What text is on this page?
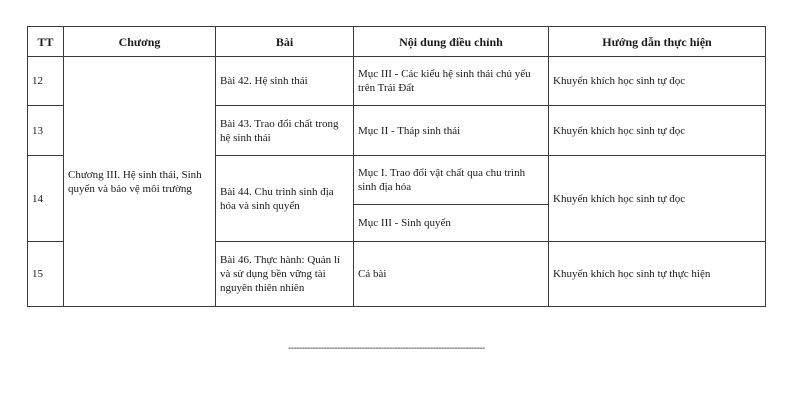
TT	Chương	Bài	Nội dung điều chỉnh	Hướng dẫn thực hiện
12	Chương III. Hệ sinh thái, Sinh quyển và bảo vệ môi trường	Bài 42. Hệ sinh thái	Mục III - Các kiểu hệ sinh thái chủ yếu trên Trái Đất	Khuyến khích học sinh tự đọc
13		Bài 43. Trao đổi chất trong hệ sinh thái	Mục II - Tháp sinh thái	Khuyến khích học sinh tự đọc
14		Bài 44. Chu trình sinh địa hóa và sinh quyển	Mục I. Trao đổi vật chất qua chu trình sinh địa hóa	Khuyến khích học sinh tự đọc
			Mục III - Sinh quyển	
15		Bài 46. Thực hành: Quản lí và sử dụng bền vững tài nguyên thiên nhiên	Cả bài	Khuyến khích học sinh tự thực hiện
------------------------------------------------------------------------
